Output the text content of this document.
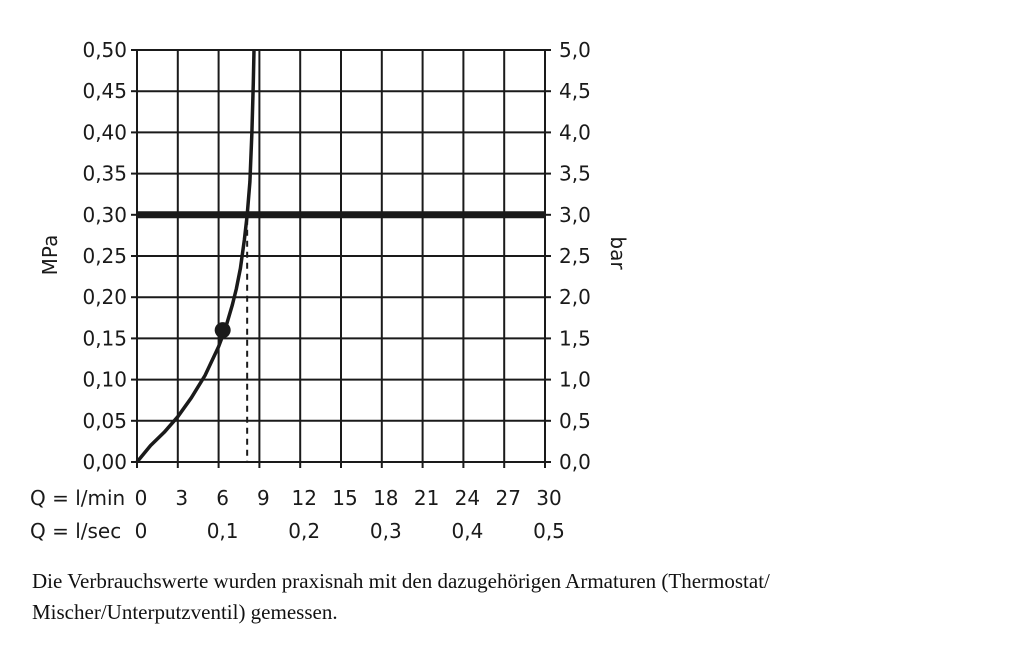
0,00
0,05
0,10
0,15
0,20
0,25
0,30
0,35
0,40
0,45
0,50
0,0
0,5
1,0
1,5
2,0
2,5
3,0
3,5
4,0
4,5
5,0
0 3 6 9 12 15 18 21 24 27 30
0	0,1 0,2 0,3 0,4 0,5
MPa	bar
Q = l/min
Q = l/sec

Die Verbrauchswerte wurden praxisnah mit den dazugehörigen Armaturen (Thermostat/ Mischer/Unterputzventil) gemessen.
